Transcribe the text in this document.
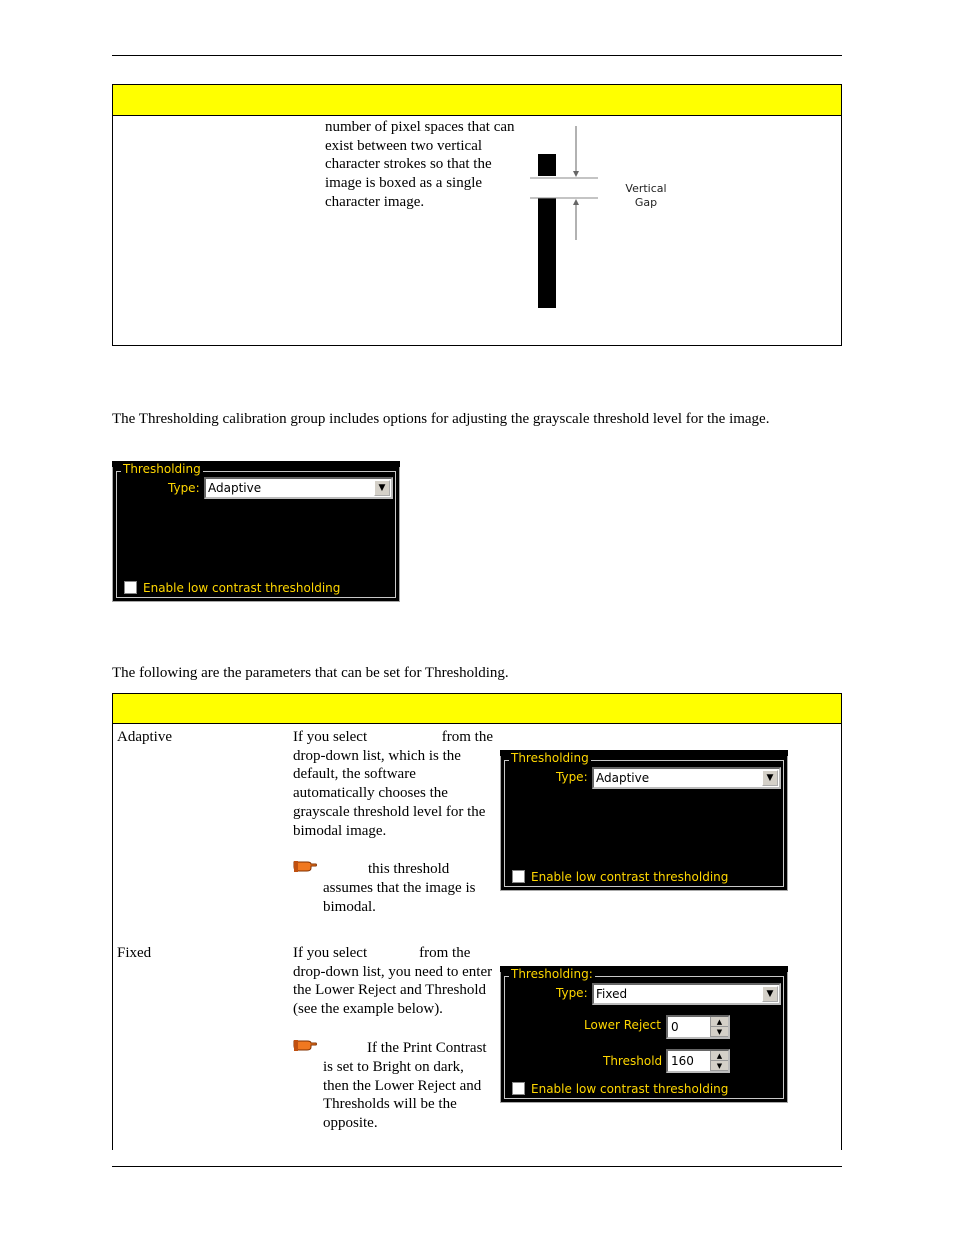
number of pixel spaces that can exist between two vertical character strokes so that the image is boxed as a single character image.
Vertical
Gap
The Thresholding calibration group includes options for adjusting the grayscale threshold level for the image.
Thresholding
Type: Adaptive	▼
Enable low contrast thresholding
The following are the parameters that can be set for Thresholding.
Adaptive	If you select	from the
drop-down list, which is the default, the software automatically chooses the grayscale threshold level for the bimodal image.
this threshold
assumes that the image is bimodal.
Thresholding
Type: Adaptive	▼
Enable low contrast thresholding
Fixed	If you select	from the
drop-down list, you need to enter the Lower Reject and Threshold (see the example below).
If the Print Contrast
is set to Bright on dark, then the Lower Reject and Thresholds will be the opposite.
Thresholding:
Type: Fixed	▼
Lower Reject 0	▲
▼
Threshold 160	▲
▼
Enable low contrast thresholding
